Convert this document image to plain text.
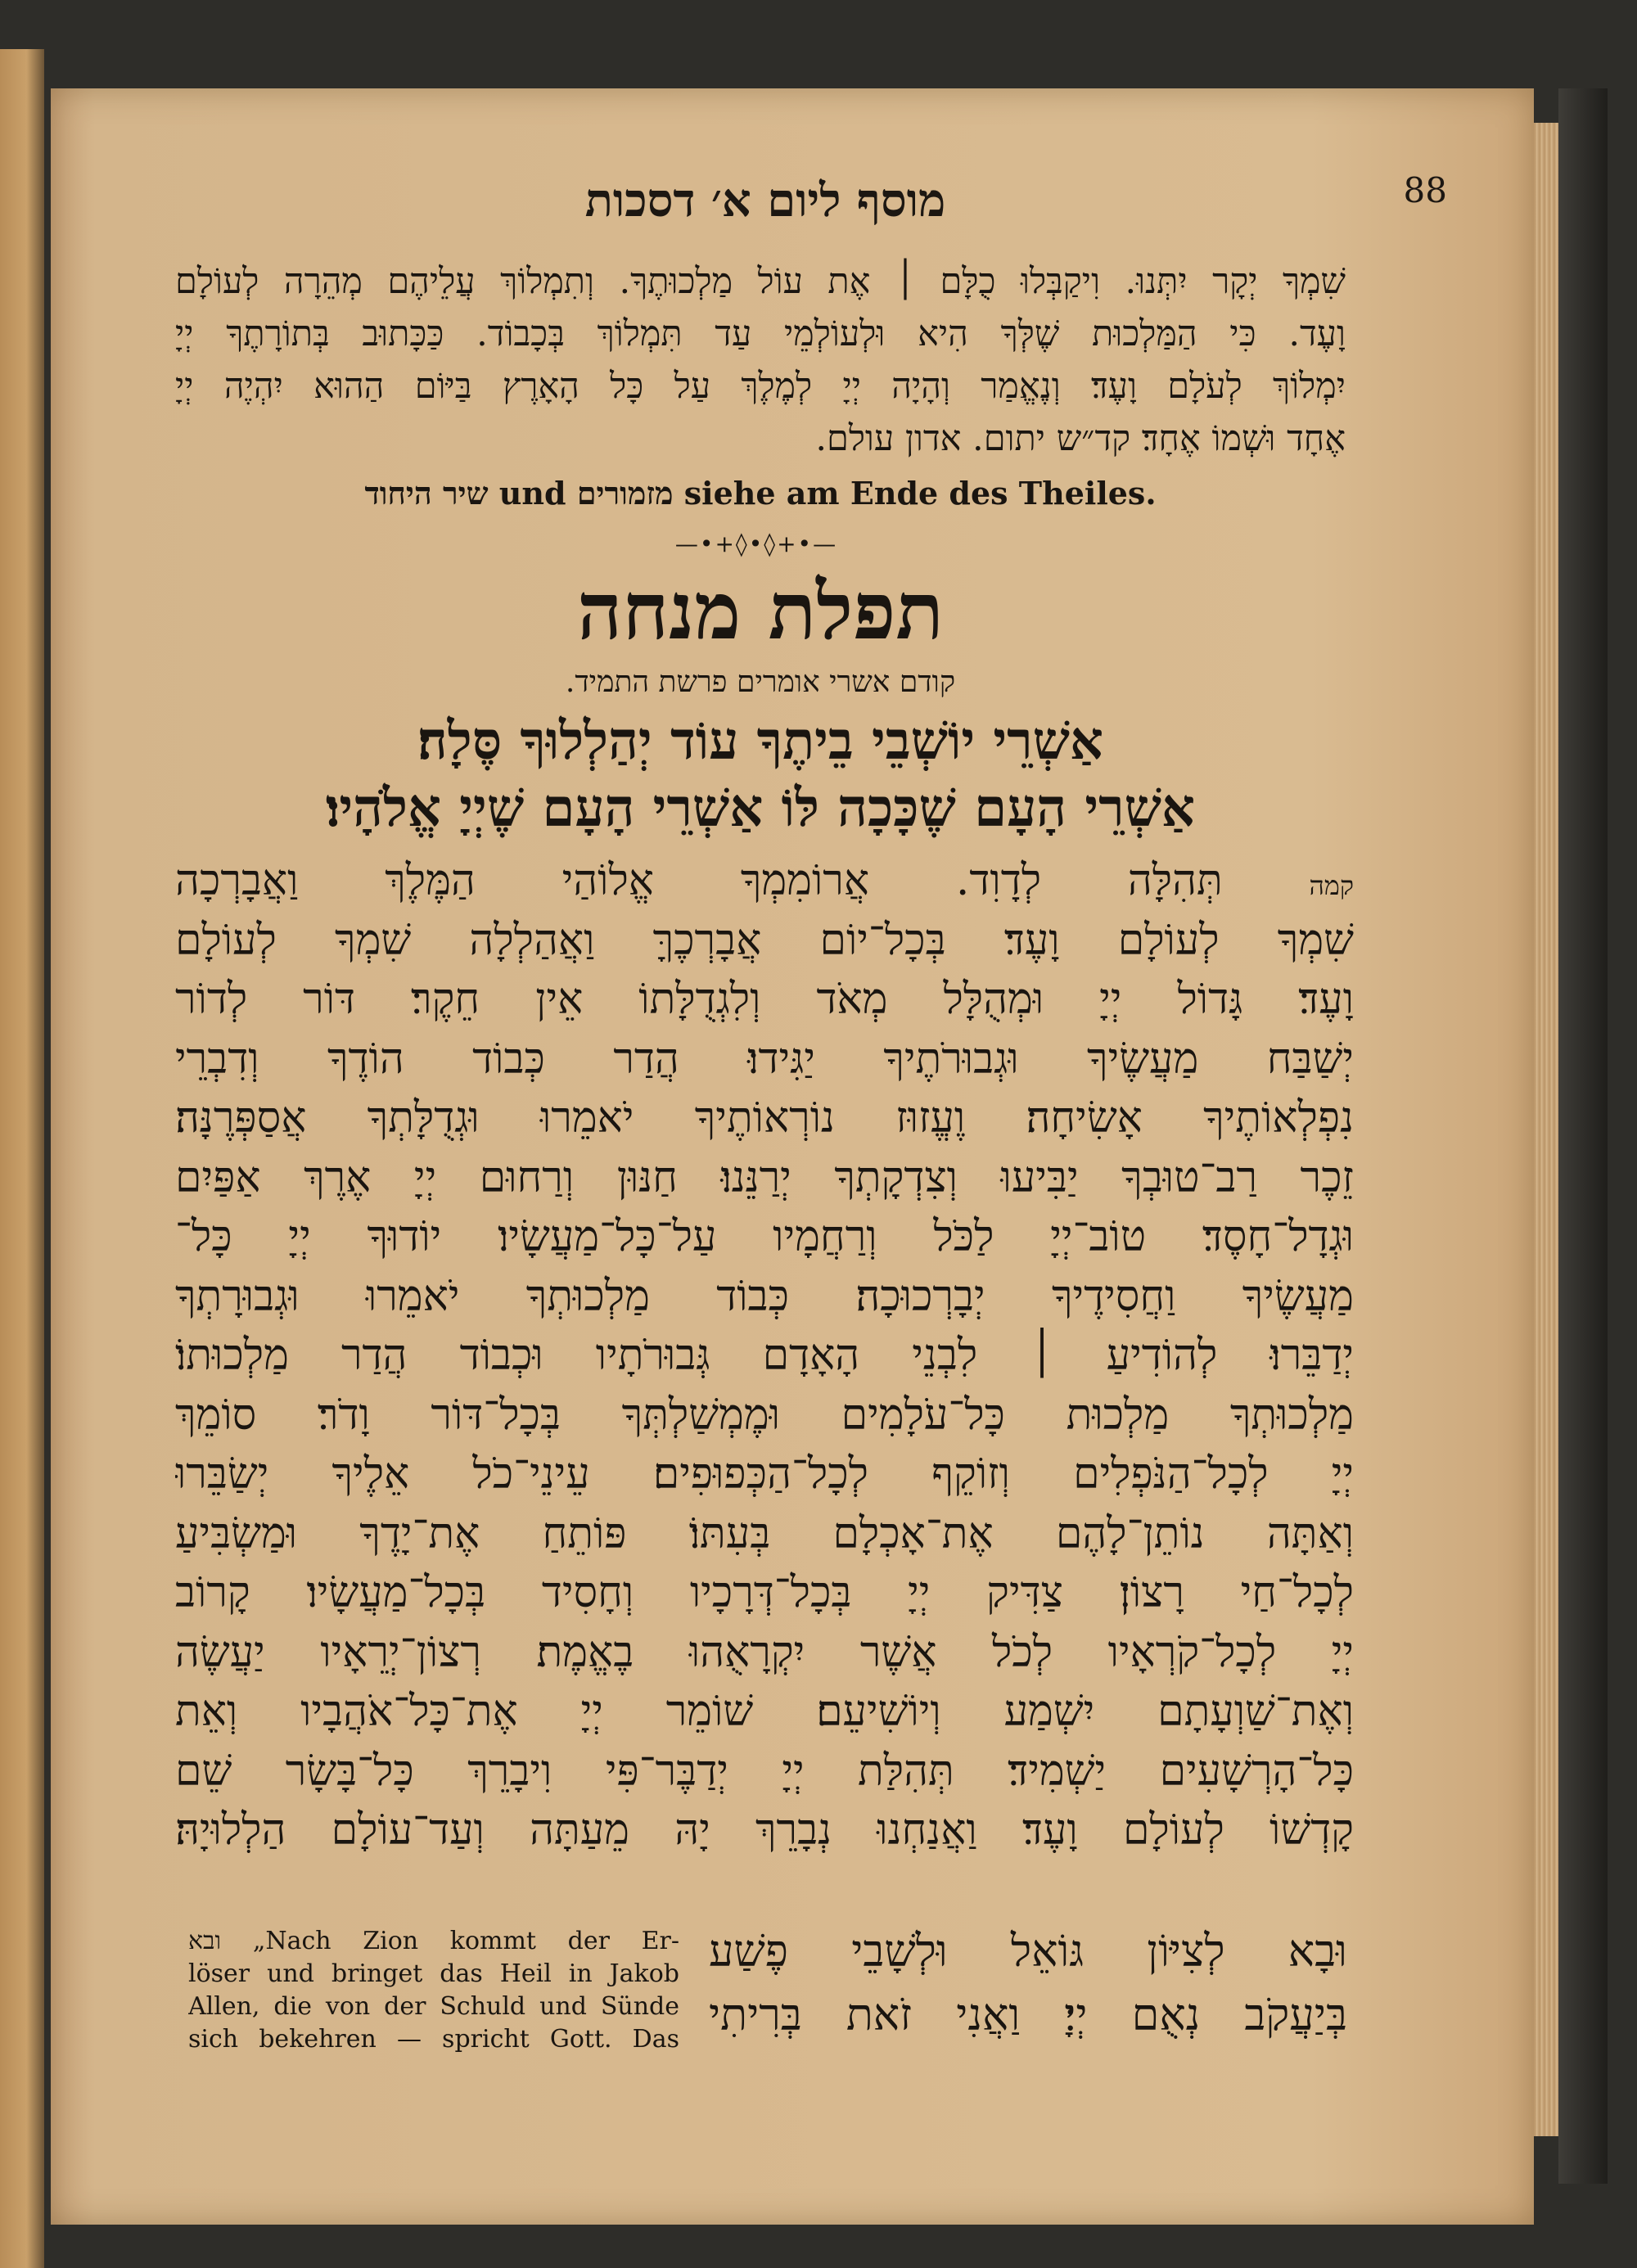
מוסף ליום א׳ דסכות	88
שִׁמְךָ יְקָר יִתְּנוּ. וִיקַבְּלוּ כֻלָּם ׀ אֶת עוֹל מַלְכוּתֶךָ. וְתִמְלוֹךְ עֲלֵיהֶם מְהֵרָה לְעוֹלָם
וָעֶד. כִּי הַמַּלְכוּת שֶׁלְּךָ הִיא וּלְעוֹלְמֵי עַד תִּמְלוֹךְ בְּכָבוֹד. כַּכָּתוּב בְּתוֹרָתֶךָ יְיָ
יִמְלוֹךְ לְעֹלָם וָעֶד׃ וְנֶאֱמַר וְהָיָה יְיָ לְמֶלֶךְ עַל כָּל הָאָרֶץ בַּיּוֹם הַהוּא יִהְיֶה יְיָ
אֶחָד וּשְׁמוֹ אֶחָד׃ קד״ש יתום. אדון עולם.
שיר היחוד und מזמורים siehe am Ende des Theiles.
—•+◊•◊+•—
תפלת מנחה
קודם אשרי אומרים פרשת התמיד.
אַשְׁרֵי יוֹשְׁבֵי בֵיתֶךָ עוֹד יְהַלְלוּךָ סֶּלָה׃
אַשְׁרֵי הָעָם שֶׁכָּכָה לּוֹ אַשְׁרֵי הָעָם שֶׁיְיָ אֱלֹהָיו׃
קמה תְּהִלָּה לְדָוִד. אֲרוֹמִמְךָ אֱלוֹהַי הַמֶּלֶךְ וַאֲבָרְכָה
שִׁמְךָ לְעוֹלָם וָעֶד׃ בְּכָל־יוֹם אֲבָרְכֶךָּ וַאֲהַלְלָה שִׁמְךָ לְעוֹלָם
וָעֶד׃ גָּדוֹל יְיָ וּמְהֻלָּל מְאֹד וְלִגְדֻלָּתוֹ אֵין חֵקֶר׃ דּוֹר לְדוֹר
יְשַׁבַּח מַעֲשֶׂיךָ וּגְבוּרֹתֶיךָ יַגִּידוּ׃ הֲדַר כְּבוֹד הוֹדֶךָ וְדִבְרֵי
נִפְלְאוֹתֶיךָ אָשִׂיחָה׃ וֶעֱזוּז נוֹרְאוֹתֶיךָ יֹאמֵרוּ וּגְדֻלָּתְךָ אֲסַפְּרֶנָּה׃
זֵכֶר רַב־טוּבְךָ יַבִּיעוּ וְצִדְקָתְךָ יְרַנֵּנוּ׃ חַנּוּן וְרַחוּם יְיָ אֶרֶךְ אַפַּיִם
וּגְדָל־חָסֶד׃ טוֹב־יְיָ לַכֹּל וְרַחֲמָיו עַל־כָּל־מַעֲשָׂיו׃ יוֹדוּךָ יְיָ כָּל־
מַעֲשֶׂיךָ וַחֲסִידֶיךָ יְבָרְכוּכָה׃ כְּבוֹד מַלְכוּתְךָ יֹאמֵרוּ וּגְבוּרָתְךָ
יְדַבֵּרוּ׃ לְהוֹדִיעַ ׀ לִבְנֵי הָאָדָם גְּבוּרֹתָיו וּכְבוֹד הֲדַר מַלְכוּתוֹ׃
מַלְכוּתְךָ מַלְכוּת כָּל־עֹלָמִים וּמֶמְשַׁלְתְּךָ בְּכָל־דּוֹר וָדֹר׃ סוֹמֵךְ
יְיָ לְכָל־הַנֹּפְלִים וְזוֹקֵף לְכָל־הַכְּפוּפִים׃ עֵינֵי־כֹל אֵלֶיךָ יְשַׂבֵּרוּ
וְאַתָּה נוֹתֵן־לָהֶם אֶת־אָכְלָם בְּעִתּוֹ׃ פּוֹתֵחַ אֶת־יָדֶךָ וּמַשְׂבִּיעַ
לְכָל־חַי רָצוֹן׃ צַדִּיק יְיָ בְּכָל־דְּרָכָיו וְחָסִיד בְּכָל־מַעֲשָׂיו׃ קָרוֹב
יְיָ לְכָל־קֹרְאָיו לְכֹל אֲשֶׁר יִקְרָאֻהוּ בֶאֱמֶת׃ רְצוֹן־יְרֵאָיו יַעֲשֶׂה
וְאֶת־שַׁוְעָתָם יִשְׁמַע וְיוֹשִׁיעֵם׃ שׁוֹמֵר יְיָ אֶת־כָּל־אֹהֲבָיו וְאֵת
כָּל־הָרְשָׁעִים יַשְׁמִיד׃ תְּהִלַּת יְיָ יְדַבֶּר־פִּי וִיבָרֵךְ כָּל־בָּשָׂר שֵׁם
קָדְשׁוֹ לְעוֹלָם וָעֶד׃ וַאֲנַחְנוּ נְבָרֵךְ יָהּ מֵעַתָּה וְעַד־עוֹלָם הַלְלוּיָהּ׃
וּבָא לְצִיּוֹן גּוֹאֵל וּלְשָׁבֵי פֶשַׁע
בְּיַעֲקֹב נְאֻם יְיָ׃ וַאֲנִי זֹאת בְּרִיתִי
ובא „Nach Zion kommt der Er-
löser und bringet das Heil in Jakob
Allen, die von der Schuld und Sünde
sich bekehren — spricht Gott. Das
